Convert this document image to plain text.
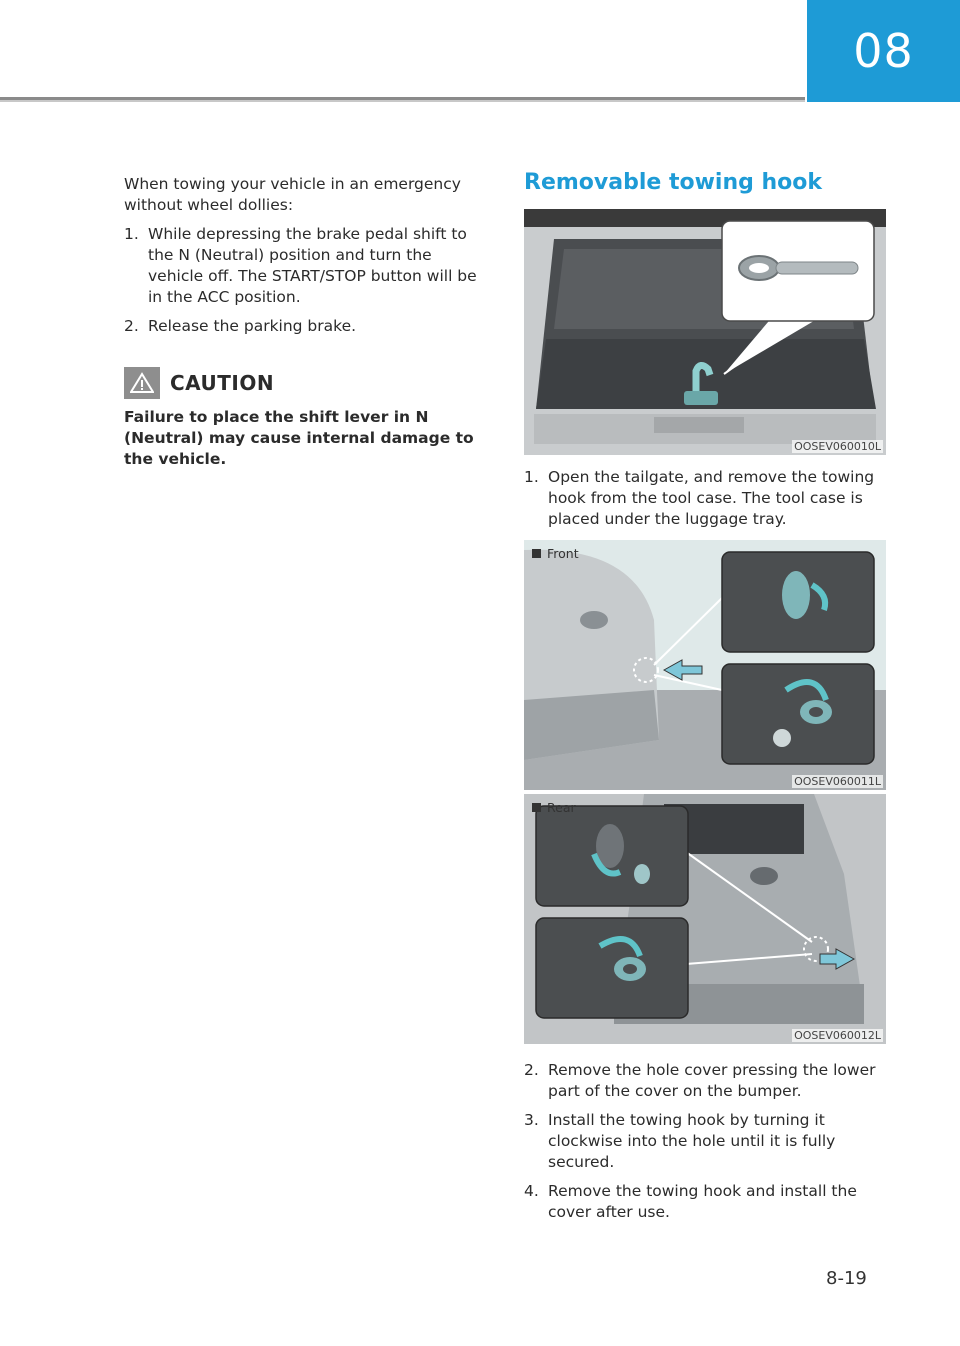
08

When towing your vehicle in an emergency without wheel dollies:

1. While depressing the brake pedal shift to the N (Neutral) position and turn the vehicle off. The START/STOP button will be in the ACC position.
2. Release the parking brake.
CAUTION
Failure to place the shift lever in N (Neutral) may cause internal damage to the vehicle.
Removable towing hook
OOSEV060010L
1. Open the tailgate, and remove the towing hook from the tool case. The tool case is placed under the luggage tray.
Front
OOSEV060011L
Rear
OOSEV060012L
2. Remove the hole cover pressing the lower part of the cover on the bumper.
3. Install the towing hook by turning it clockwise into the hole until it is fully secured.
4. Remove the towing hook and install the cover after use.
8-19
